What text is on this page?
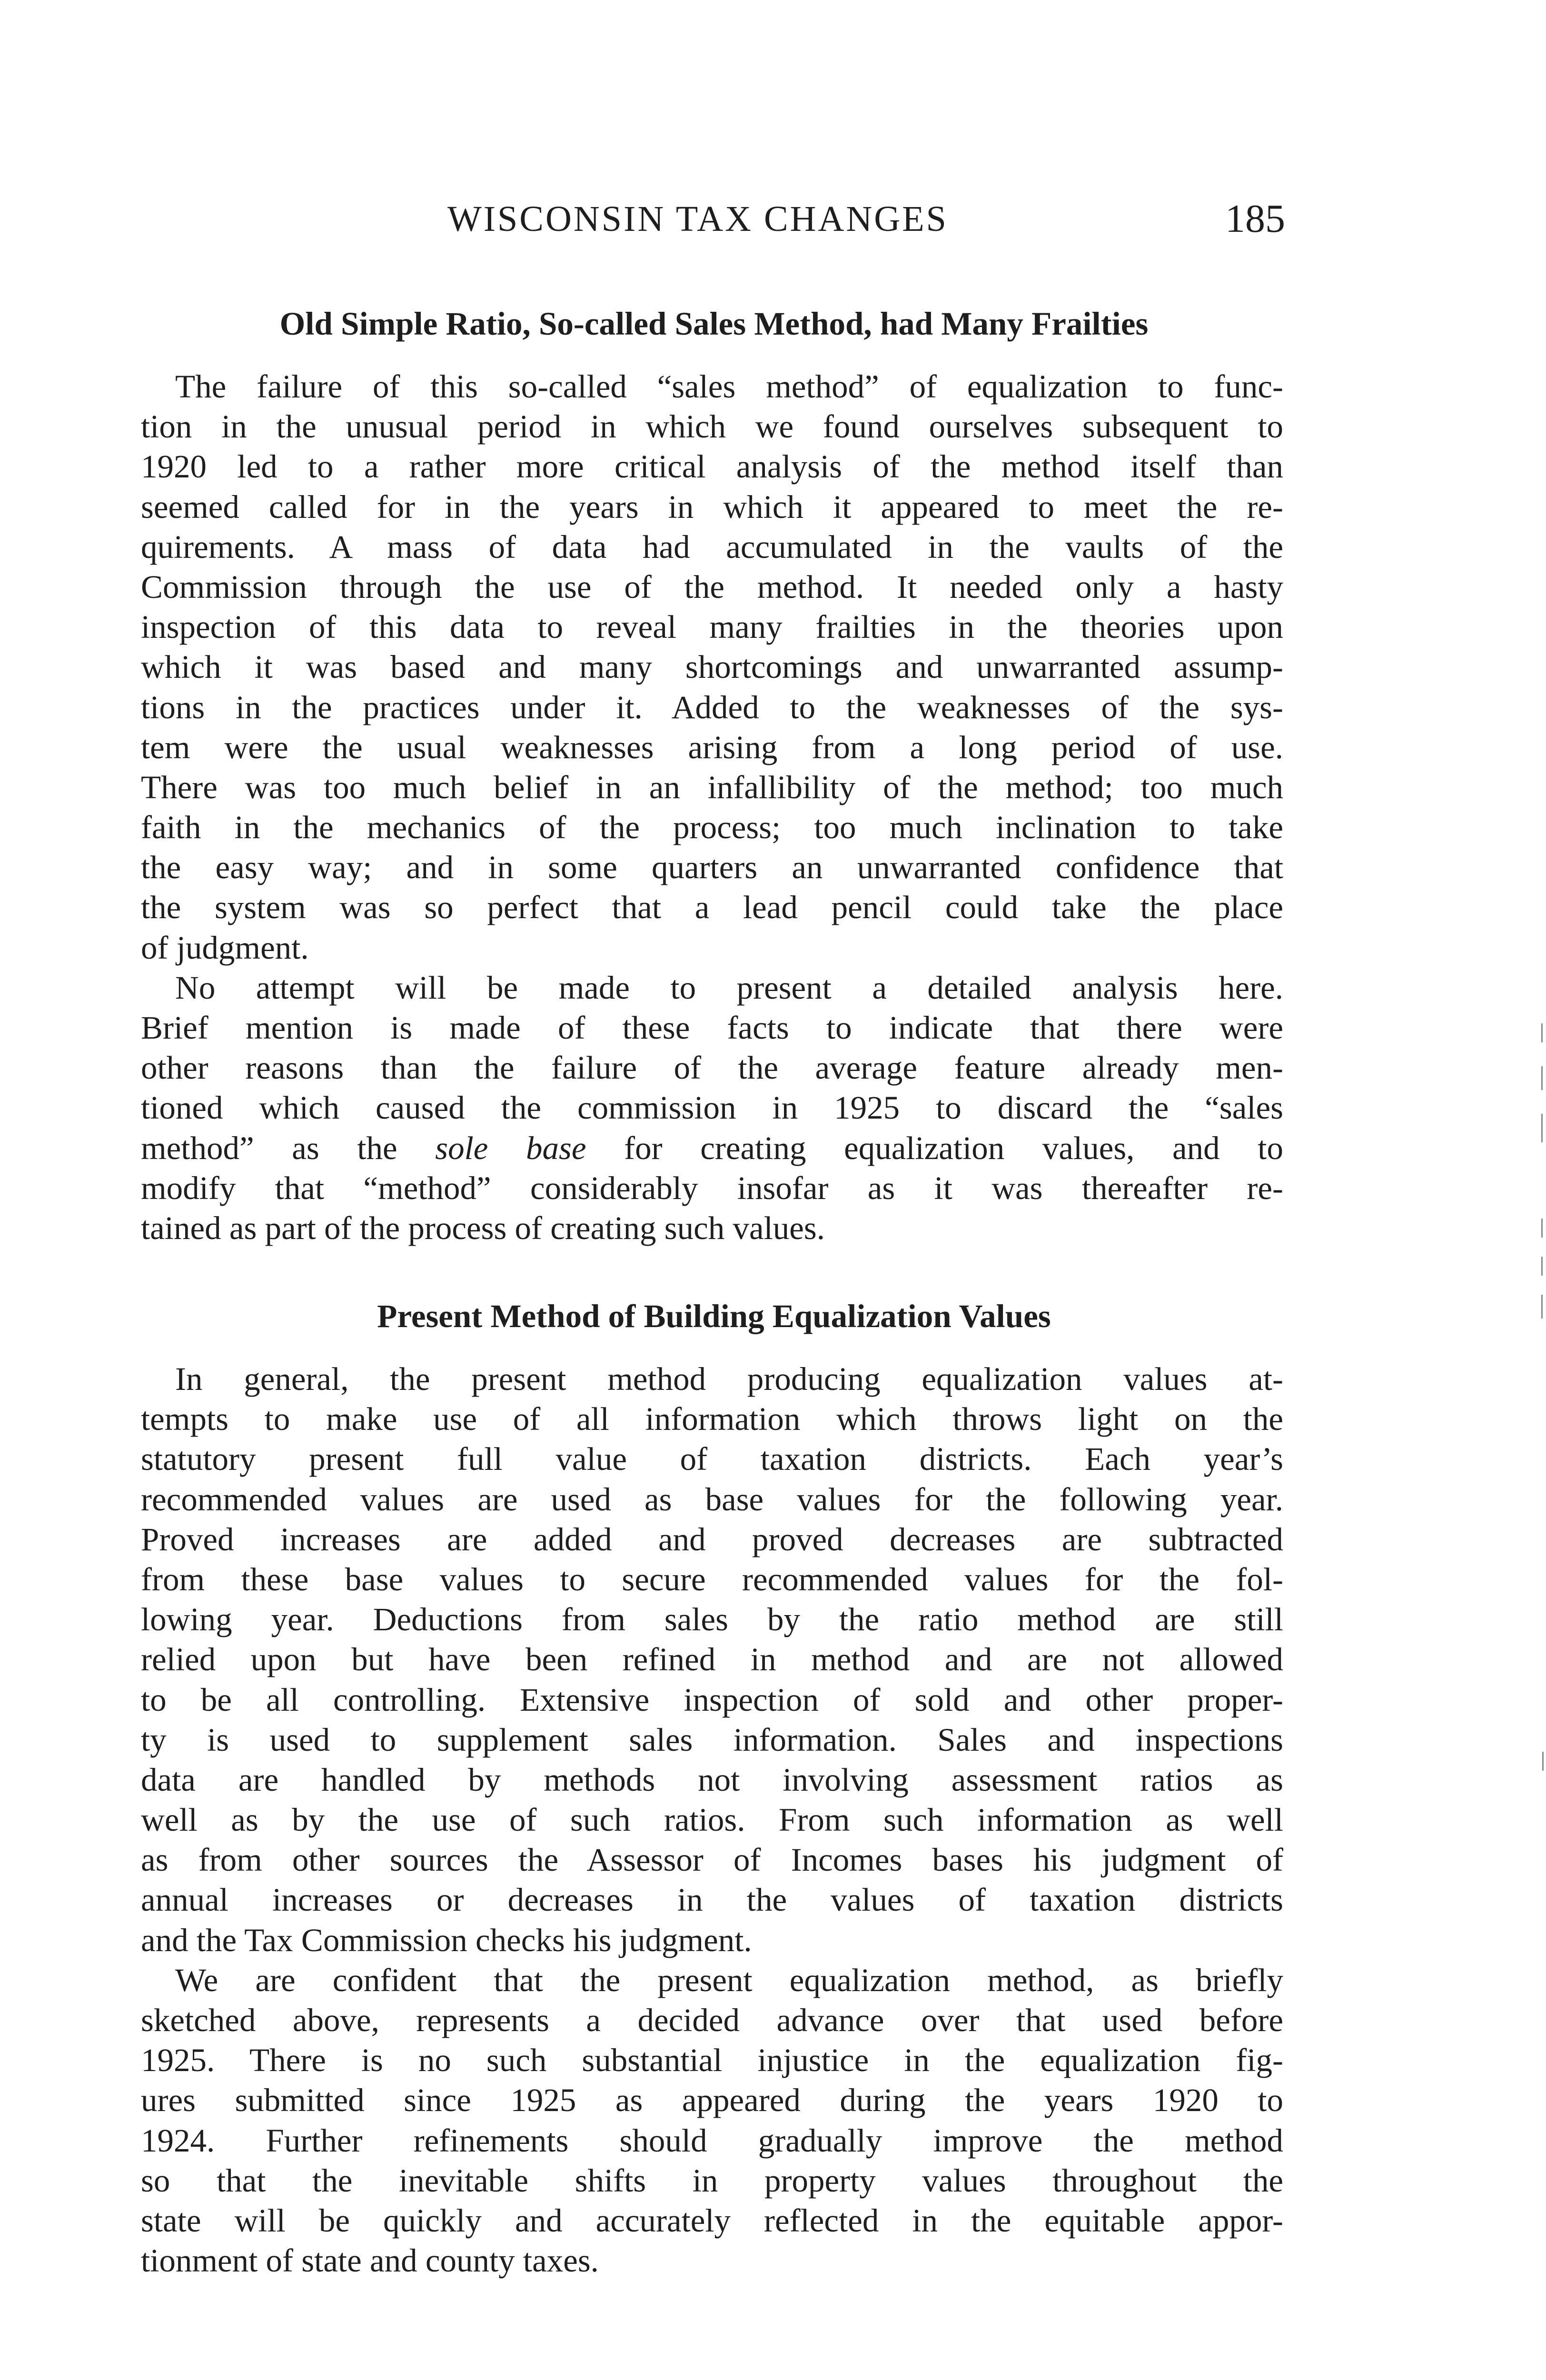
WISCONSIN TAX CHANGES	185
Old Simple Ratio, So-called Sales Method, had Many Frailties
The failure of this so-called “sales method” of equalization to func-
tion in the unusual period in which we found ourselves subsequent to
1920 led to a rather more critical analysis of the method itself than
seemed called for in the years in which it appeared to meet the re-
quirements. A mass of data had accumulated in the vaults of the
Commission through the use of the method. It needed only a hasty
inspection of this data to reveal many frailties in the theories upon
which it was based and many shortcomings and unwarranted assump-
tions in the practices under it. Added to the weaknesses of the sys-
tem were the usual weaknesses arising from a long period of use.
There was too much belief in an infallibility of the method; too much
faith in the mechanics of the process; too much inclination to take
the easy way; and in some quarters an unwarranted confidence that
the system was so perfect that a lead pencil could take the place
of judgment.
No attempt will be made to present a detailed analysis here.
Brief mention is made of these facts to indicate that there were
other reasons than the failure of the average feature already men-
tioned which caused the commission in 1925 to discard the “sales
method” as the sole base for creating equalization values, and to
modify that “method” considerably insofar as it was thereafter re-
tained as part of the process of creating such values.
Present Method of Building Equalization Values
In general, the present method producing equalization values at-
tempts to make use of all information which throws light on the
statutory present full value of taxation districts. Each year’s
recommended values are used as base values for the following year.
Proved increases are added and proved decreases are subtracted
from these base values to secure recommended values for the fol-
lowing year. Deductions from sales by the ratio method are still
relied upon but have been refined in method and are not allowed
to be all controlling. Extensive inspection of sold and other proper-
ty is used to supplement sales information. Sales and inspections
data are handled by methods not involving assessment ratios as
well as by the use of such ratios. From such information as well
as from other sources the Assessor of Incomes bases his judgment of
annual increases or decreases in the values of taxation districts
and the Tax Commission checks his judgment.
We are confident that the present equalization method, as briefly
sketched above, represents a decided advance over that used before
1925. There is no such substantial injustice in the equalization fig-
ures submitted since 1925 as appeared during the years 1920 to
1924. Further refinements should gradually improve the method
so that the inevitable shifts in property values throughout the
state will be quickly and accurately reflected in the equitable appor-
tionment of state and county taxes.
